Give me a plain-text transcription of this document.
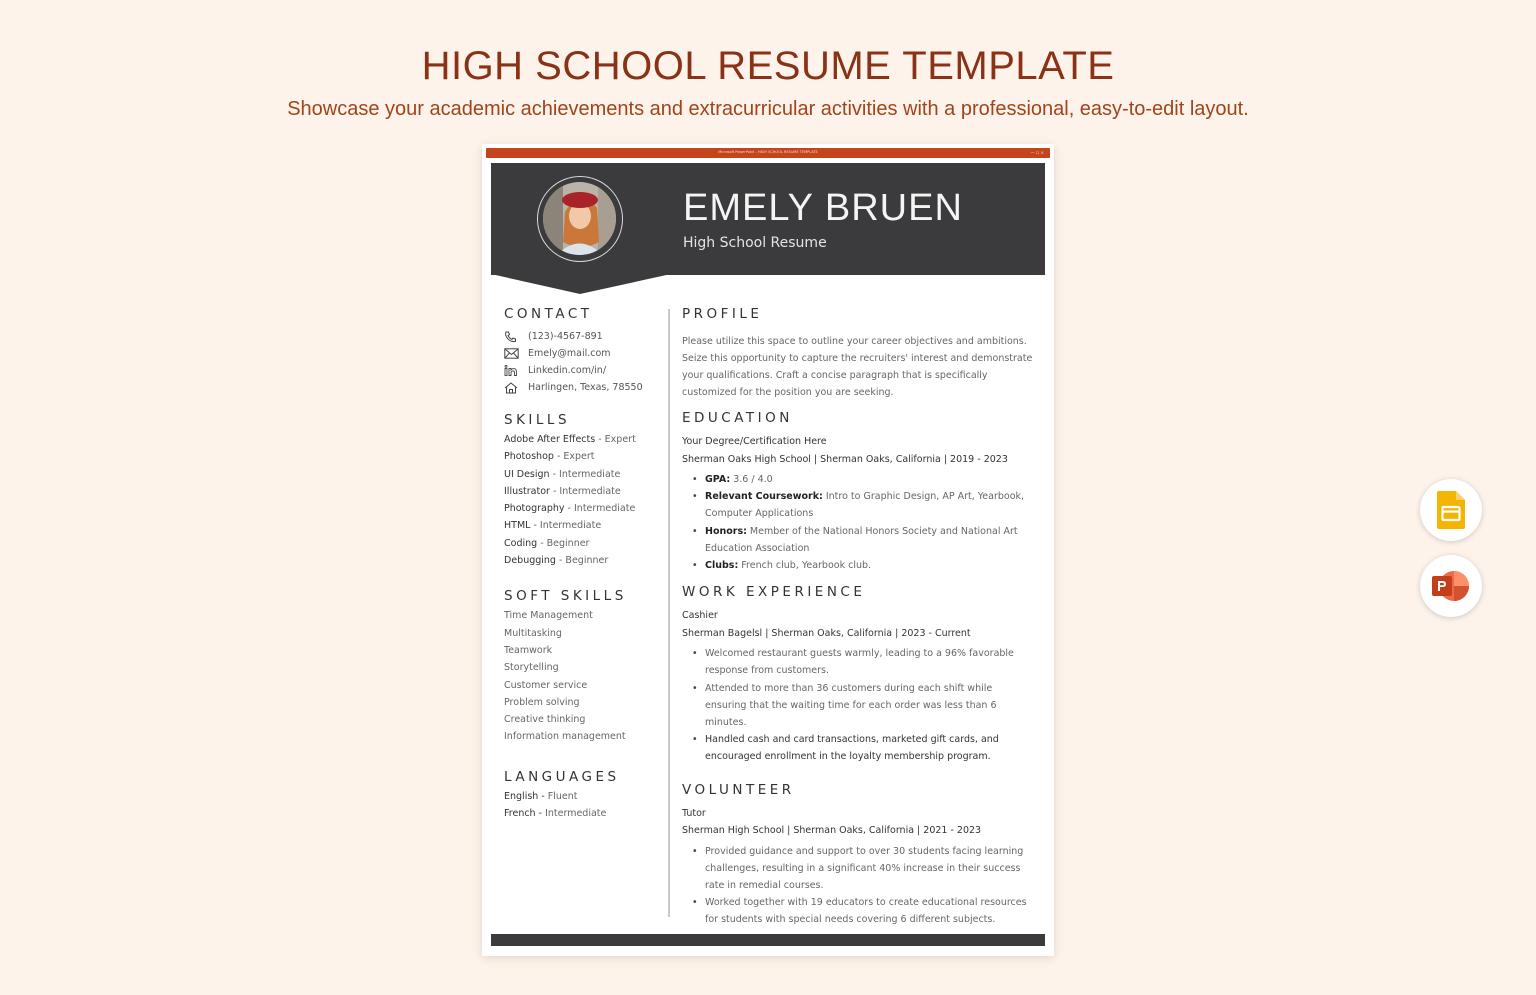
HIGH SCHOOL RESUME TEMPLATE
Showcase your academic achievements and extracurricular activities with a professional, easy-to-edit layout.
Microsoft PowerPoint - HIGH SCHOOL RESUME TEMPLATE	— ☐ ✕
EMELY BRUEN
High School Resume
CONTACT
(123)-4567-891
Emely@mail.com
Linkedin.com/in/
Harlingen, Texas, 78550
SKILLS
Adobe After Effects - Expert
Photoshop - Expert
UI Design - Intermediate
Illustrator - Intermediate
Photography - Intermediate
HTML - Intermediate
Coding - Beginner
Debugging - Beginner
SOFT SKILLS
Time Management
Multitasking
Teamwork
Storytelling
Customer service
Problem solving
Creative thinking
Information management
LANGUAGES
English - Fluent
French - Intermediate
PROFILE
Please utilize this space to outline your career objectives and ambitions. Seize this opportunity to capture the recruiters' interest and demonstrate your qualifications. Craft a concise paragraph that is specifically customized for the position you are seeking.
EDUCATION
Your Degree/Certification Here
Sherman Oaks High School | Sherman Oaks, California | 2019 - 2023
• GPA: 3.6 / 4.0
• Relevant Coursework: Intro to Graphic Design, AP Art, Yearbook, Computer Applications
• Honors: Member of the National Honors Society and National Art Education Association
• Clubs: French club, Yearbook club.
WORK EXPERIENCE
Cashier
Sherman Bagelsl | Sherman Oaks, California | 2023 - Current
• Welcomed restaurant guests warmly, leading to a 96% favorable response from customers.
• Attended to more than 36 customers during each shift while ensuring that the waiting time for each order was less than 6 minutes.
• Handled cash and card transactions, marketed gift cards, and encouraged enrollment in the loyalty membership program.
VOLUNTEER
Tutor
Sherman High School | Sherman Oaks, California | 2021 - 2023
• Provided guidance and support to over 30 students facing learning challenges, resulting in a significant 40% increase in their success rate in remedial courses.
• Worked together with 19 educators to create educational resources for students with special needs covering 6 different subjects.
